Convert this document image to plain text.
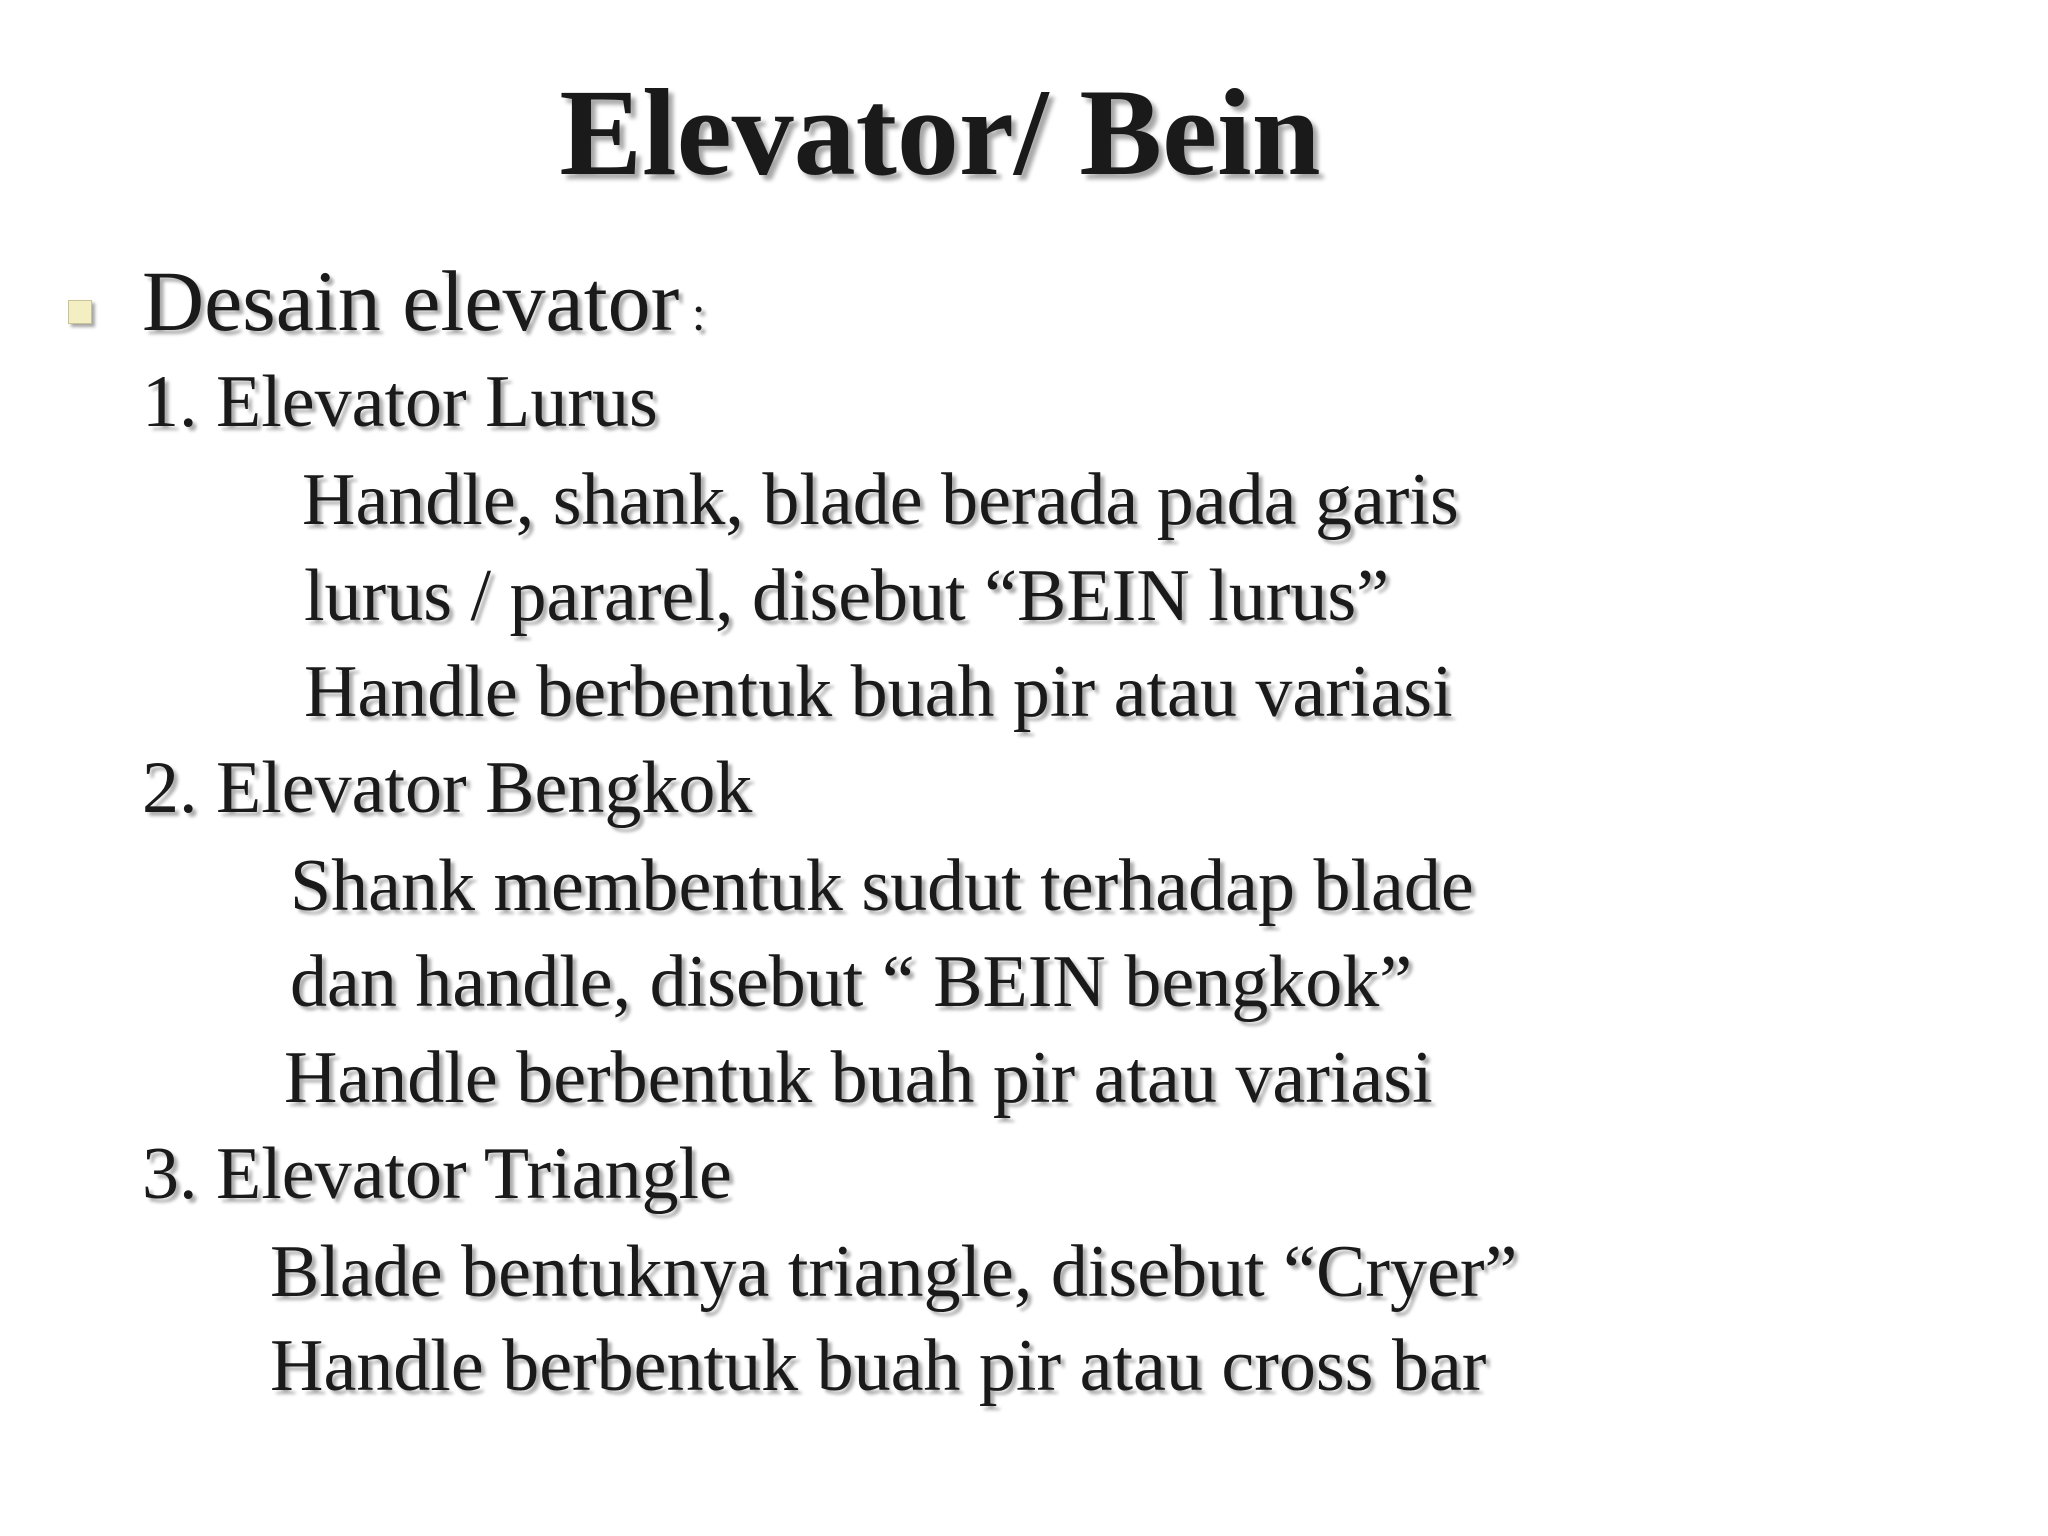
Elevator/ Bein
Desain elevator :
1. Elevator Lurus
Handle, shank, blade berada pada garis
lurus / pararel, disebut “BEIN lurus”
Handle berbentuk buah pir atau variasi
2. Elevator Bengkok
Shank membentuk sudut terhadap blade
dan handle, disebut “ BEIN bengkok”
Handle berbentuk buah pir atau variasi
3. Elevator Triangle
Blade bentuknya triangle, disebut “Cryer”
Handle berbentuk buah pir atau cross bar
